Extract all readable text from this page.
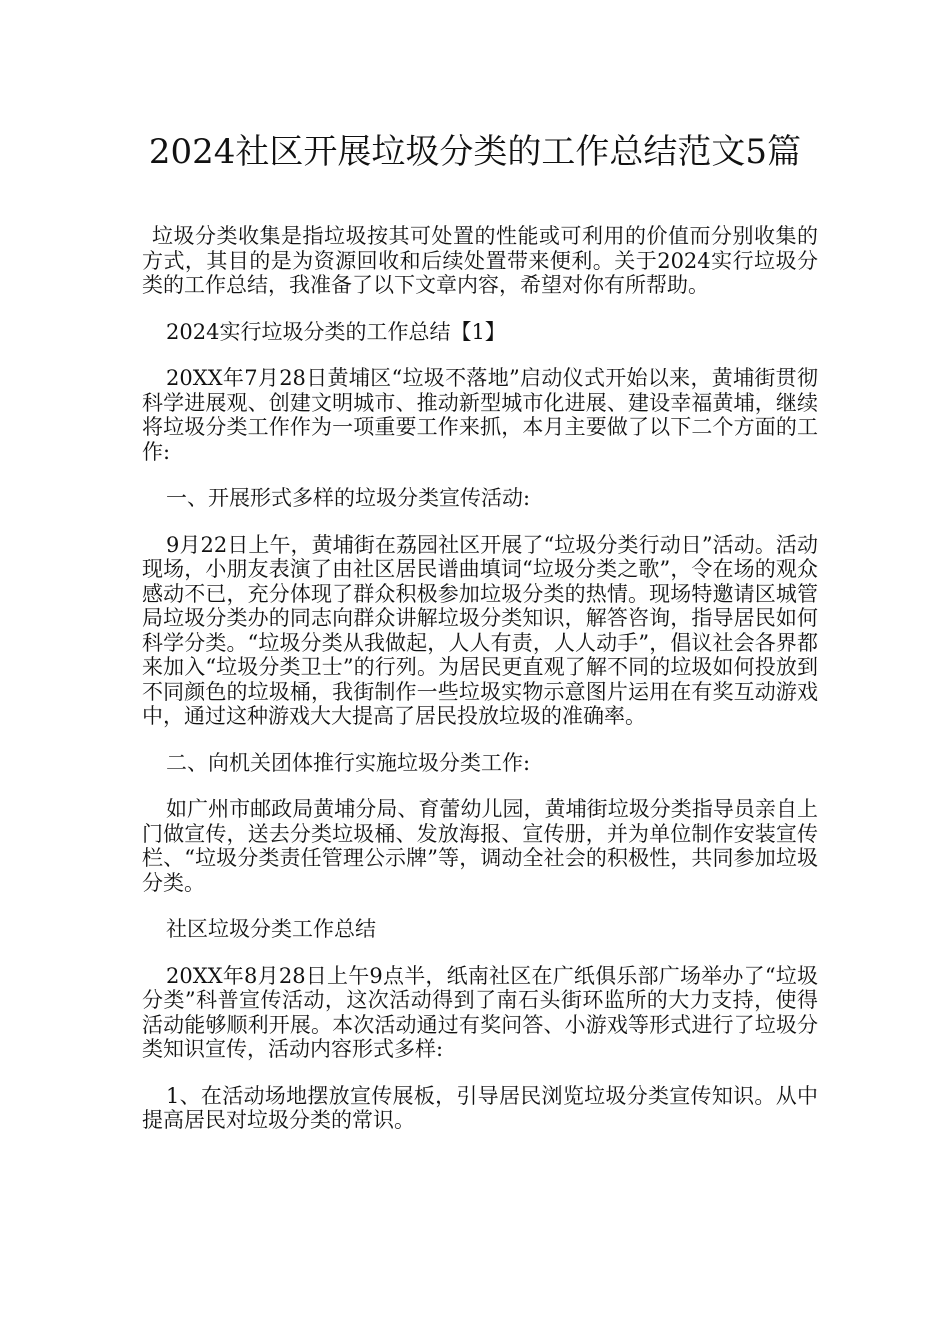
2024社区开展垃圾分类的工作总结范文5篇

垃圾分类收集是指垃圾按其可处置的性能或可利用的价值而分别收集的方式，其目的是为资源回收和后续处置带来便利。关于2024实行垃圾分类的工作总结，我准备了以下文章内容，希望对你有所帮助。

2024实行垃圾分类的工作总结【1】

20XX年7月28日黄埔区“垃圾不落地”启动仪式开始以来，黄埔街贯彻科学进展观、创建文明城市、推动新型城市化进展、建设幸福黄埔，继续将垃圾分类工作作为一项重要工作来抓，本月主要做了以下二个方面的工作:

一、开展形式多样的垃圾分类宣传活动:

9月22日上午，黄埔街在荔园社区开展了“垃圾分类行动日”活动。活动现场，小朋友表演了由社区居民谱曲填词“垃圾分类之歌”，令在场的观众感动不已，充分体现了群众积极参加垃圾分类的热情。现场特邀请区城管局垃圾分类办的同志向群众讲解垃圾分类知识，解答咨询，指导居民如何科学分类。“垃圾分类从我做起，人人有责，人人动手”，倡议社会各界都来加入“垃圾分类卫士”的行列。为居民更直观了解不同的垃圾如何投放到不同颜色的垃圾桶，我街制作一些垃圾实物示意图片运用在有奖互动游戏中，通过这种游戏大大提高了居民投放垃圾的准确率。

二、向机关团体推行实施垃圾分类工作:

如广州市邮政局黄埔分局、育蕾幼儿园，黄埔街垃圾分类指导员亲自上门做宣传，送去分类垃圾桶、发放海报、宣传册，并为单位制作安装宣传栏、“垃圾分类责任管理公示牌”等，调动全社会的积极性，共同参加垃圾分类。

社区垃圾分类工作总结

20XX年8月28日上午9点半，纸南社区在广纸俱乐部广场举办了“垃圾分类”科普宣传活动，这次活动得到了南石头街环监所的大力支持，使得活动能够顺利开展。本次活动通过有奖问答、小游戏等形式进行了垃圾分类知识宣传，活动内容形式多样:

1、在活动场地摆放宣传展板，引导居民浏览垃圾分类宣传知识。从中提高居民对垃圾分类的常识。
